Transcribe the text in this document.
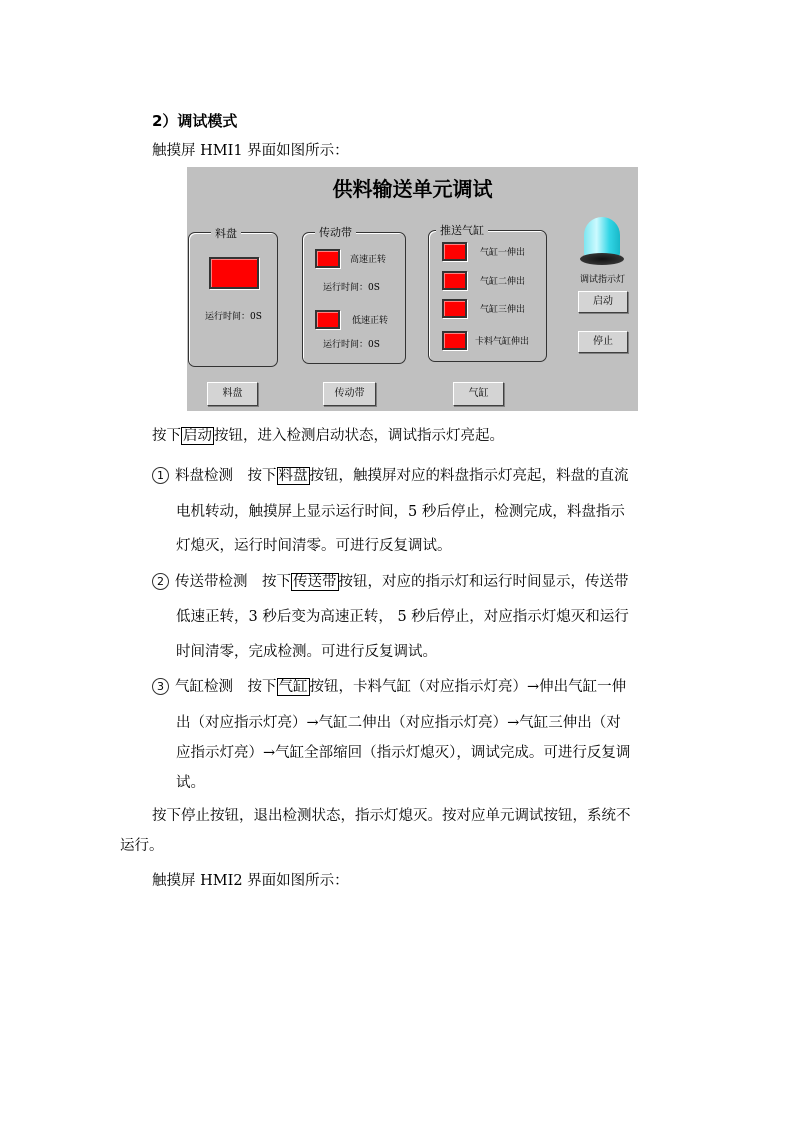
2）调试模式
触摸屏 HMI1 界面如图所示：
供料输送单元调试
料盘
运行时间：0S
传动带
高速正转
运行时间：0S
低速正转
运行时间：0S
推送气缸
气缸一伸出
气缸二伸出
气缸三伸出
卡料气缸伸出
调试指示灯
启动
停止
料盘	传动带	气缸
按下 启动 按钮，进入检测启动状态，调试指示灯亮起。
1 料盘检测　按下 料盘 按钮，触摸屏对应的料盘指示灯亮起，料盘的直流
电机转动，触摸屏上显示运行时间，5 秒后停止，检测完成，料盘指示
灯熄灭，运行时间清零。可进行反复调试。
2 传送带检测　按下 传送带 按钮，对应的指示灯和运行时间显示，传送带
低速正转，3 秒后变为高速正转， 5 秒后停止，对应指示灯熄灭和运行
时间清零，完成检测。可进行反复调试。
3 气缸检测　按下 气缸 按钮，卡料气缸（对应指示灯亮）→伸出气缸一伸
出（对应指示灯亮）→气缸二伸出（对应指示灯亮）→气缸三伸出（对
应指示灯亮）→气缸全部缩回（指示灯熄灭），调试完成。可进行反复调
试。
按下停止按钮，退出检测状态，指示灯熄灭。按对应单元调试按钮，系统不
运行。
触摸屏 HMI2 界面如图所示：
